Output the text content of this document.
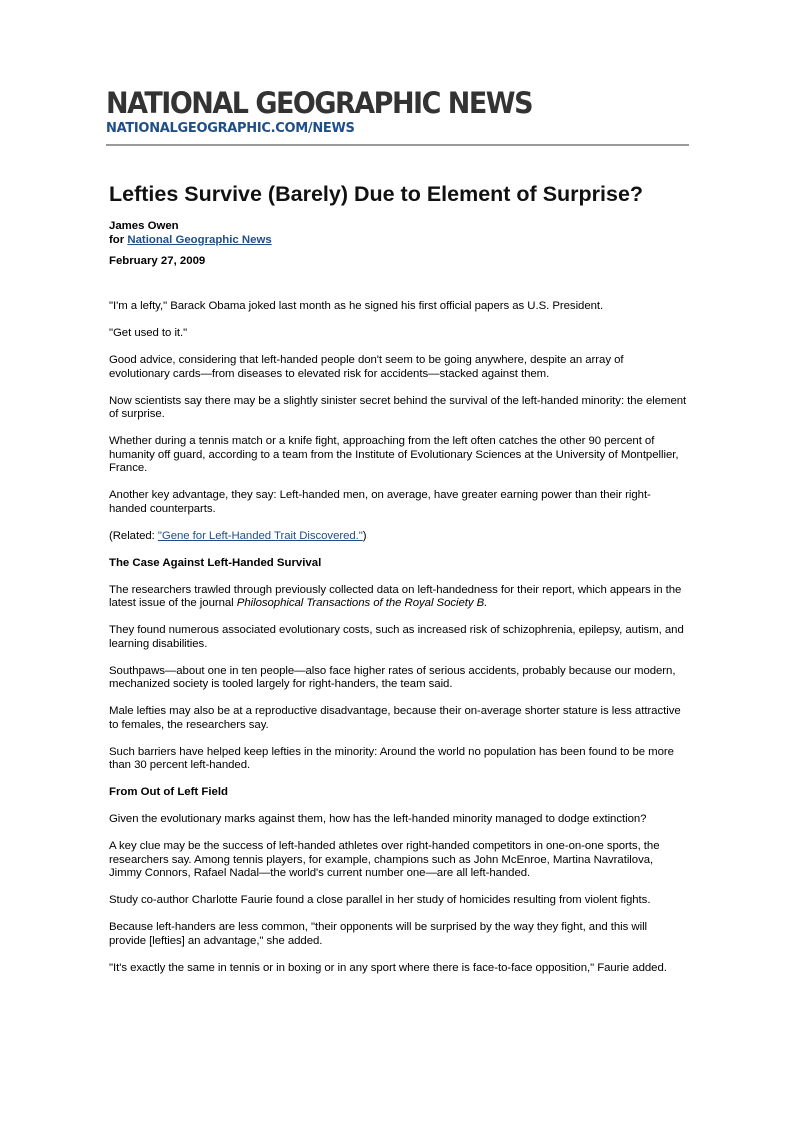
NATIONAL GEOGRAPHIC NEWS
NATIONALGEOGRAPHIC.COM/NEWS
Lefties Survive (Barely) Due to Element of Surprise?
James Owen
for National Geographic News
February 27, 2009

"I'm a lefty," Barack Obama joked last month as he signed his first official papers as U.S. President.

"Get used to it."

Good advice, considering that left-handed people don't seem to be going anywhere, despite an array of evolutionary cards—from diseases to elevated risk for accidents—stacked against them.

Now scientists say there may be a slightly sinister secret behind the survival of the left-handed minority: the element of surprise.

Whether during a tennis match or a knife fight, approaching from the left often catches the other 90 percent of humanity off guard, according to a team from the Institute of Evolutionary Sciences at the University of Montpellier, France.

Another key advantage, they say: Left-handed men, on average, have greater earning power than their right-handed counterparts.

(Related: "Gene for Left-Handed Trait Discovered.")

The Case Against Left-Handed Survival

The researchers trawled through previously collected data on left-handedness for their report, which appears in the latest issue of the journal Philosophical Transactions of the Royal Society B.

They found numerous associated evolutionary costs, such as increased risk of schizophrenia, epilepsy, autism, and learning disabilities.

Southpaws—about one in ten people—also face higher rates of serious accidents, probably because our modern, mechanized society is tooled largely for right-handers, the team said.

Male lefties may also be at a reproductive disadvantage, because their on-average shorter stature is less attractive to females, the researchers say.

Such barriers have helped keep lefties in the minority: Around the world no population has been found to be more than 30 percent left-handed.

From Out of Left Field

Given the evolutionary marks against them, how has the left-handed minority managed to dodge extinction?

A key clue may be the success of left-handed athletes over right-handed competitors in one-on-one sports, the researchers say. Among tennis players, for example, champions such as John McEnroe, Martina Navratilova, Jimmy Connors, Rafael Nadal—the world's current number one—are all left-handed.

Study co-author Charlotte Faurie found a close parallel in her study of homicides resulting from violent fights.

Because left-handers are less common, "their opponents will be surprised by the way they fight, and this will provide [lefties] an advantage," she added.

"It's exactly the same in tennis or in boxing or in any sport where there is face-to-face opposition," Faurie added.
